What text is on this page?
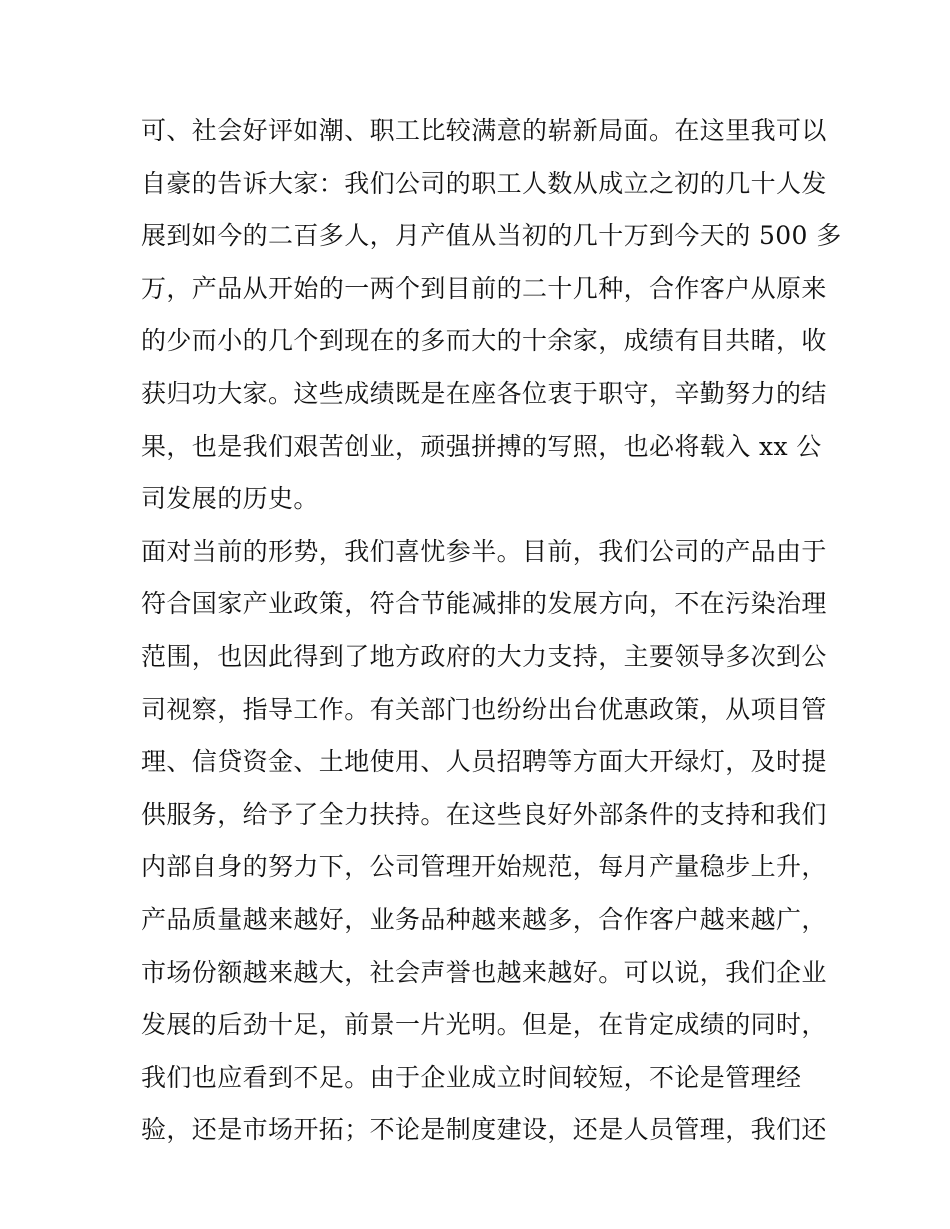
可、社会好评如潮、职工比较满意的崭新局面。在这里我可以
自豪的告诉大家：我们公司的职工人数从成立之初的几十人发
展到如今的二百多人，月产值从当初的几十万到今天的 500 多
万，产品从开始的一两个到目前的二十几种，合作客户从原来
的少而小的几个到现在的多而大的十余家，成绩有目共睹，收
获归功大家。这些成绩既是在座各位衷于职守，辛勤努力的结
果，也是我们艰苦创业，顽强拼搏的写照，也必将载入 xx 公
司发展的历史。
面对当前的形势，我们喜忧参半。目前，我们公司的产品由于
符合国家产业政策，符合节能减排的发展方向，不在污染治理
范围，也因此得到了地方政府的大力支持，主要领导多次到公
司视察，指导工作。有关部门也纷纷出台优惠政策，从项目管
理、信贷资金、土地使用、人员招聘等方面大开绿灯，及时提
供服务，给予了全力扶持。在这些良好外部条件的支持和我们
内部自身的努力下，公司管理开始规范，每月产量稳步上升，
产品质量越来越好，业务品种越来越多，合作客户越来越广，
市场份额越来越大，社会声誉也越来越好。可以说，我们企业
发展的后劲十足，前景一片光明。但是，在肯定成绩的同时，
我们也应看到不足。由于企业成立时间较短，不论是管理经
验，还是市场开拓；不论是制度建设，还是人员管理，我们还
